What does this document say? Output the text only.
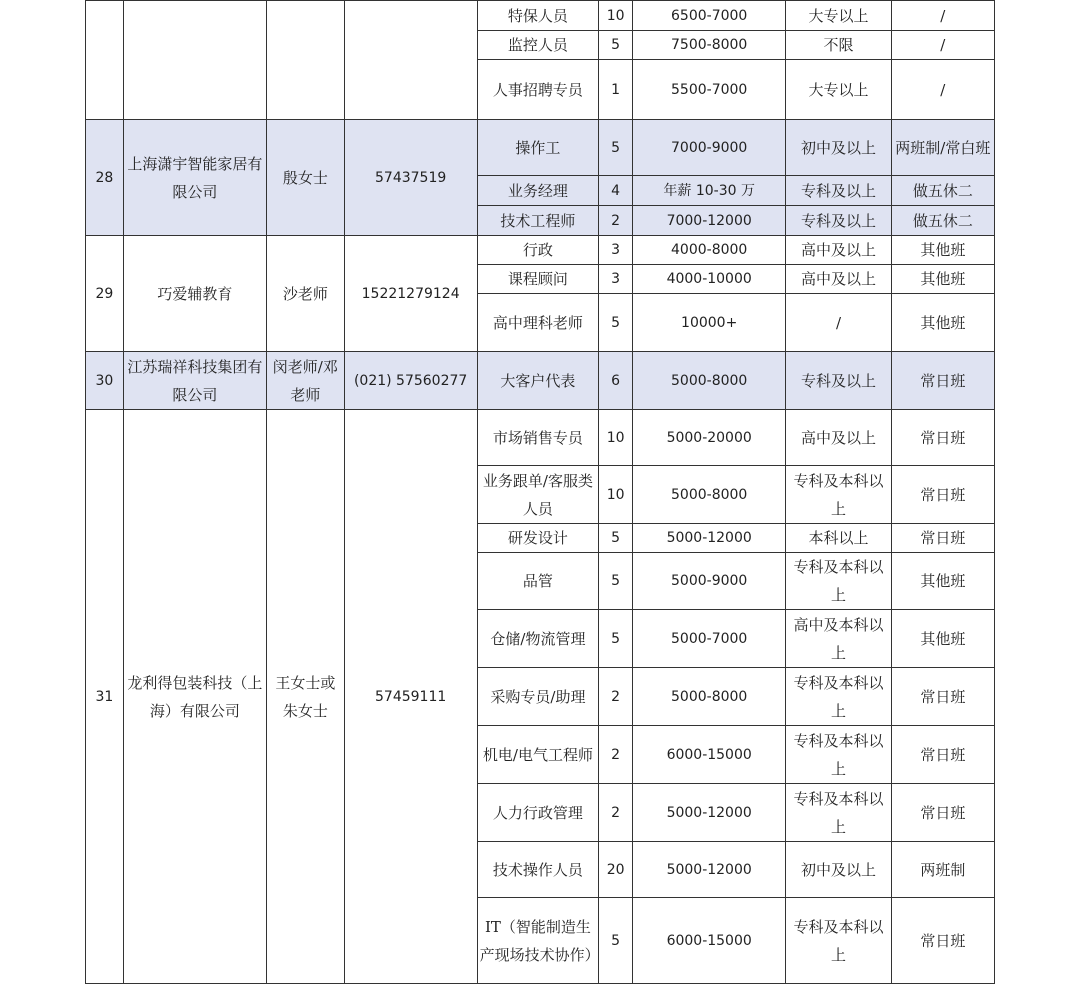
				特保人员	10	6500-7000	大专以上	/
				监控人员	5	7500-8000	不限	/
				人事招聘专员	1	5500-7000	大专以上	/
28	上海潇宇智能家居有限公司	殷女士	57437519	操作工	5	7000-9000	初中及以上	两班制/常白班
				业务经理	4	年薪 10-30 万	专科及以上	做五休二
				技术工程师	2	7000-12000	专科及以上	做五休二
29	巧爱辅教育	沙老师	15221279124	行政	3	4000-8000	高中及以上	其他班
				课程顾问	3	4000-10000	高中及以上	其他班
				高中理科老师	5	10000+	/	其他班
30	江苏瑞祥科技集团有限公司	闵老师/邓老师	(021) 57560277	大客户代表	6	5000-8000	专科及以上	常日班
31	龙利得包装科技（上海）有限公司	王女士或朱女士	57459111	市场销售专员	10	5000-20000	高中及以上	常日班
				业务跟单/客服类人员	10	5000-8000	专科及本科以上	常日班
				研发设计	5	5000-12000	本科以上	常日班
				品管	5	5000-9000	专科及本科以上	其他班
				仓储/物流管理	5	5000-7000	高中及本科以上	其他班
				采购专员/助理	2	5000-8000	专科及本科以上	常日班
				机电/电气工程师	2	6000-15000	专科及本科以上	常日班
				人力行政管理	2	5000-12000	专科及本科以上	常日班
				技术操作人员	20	5000-12000	初中及以上	两班制
				IT（智能制造生产现场技术协作）	5	6000-15000	专科及本科以上	常日班
